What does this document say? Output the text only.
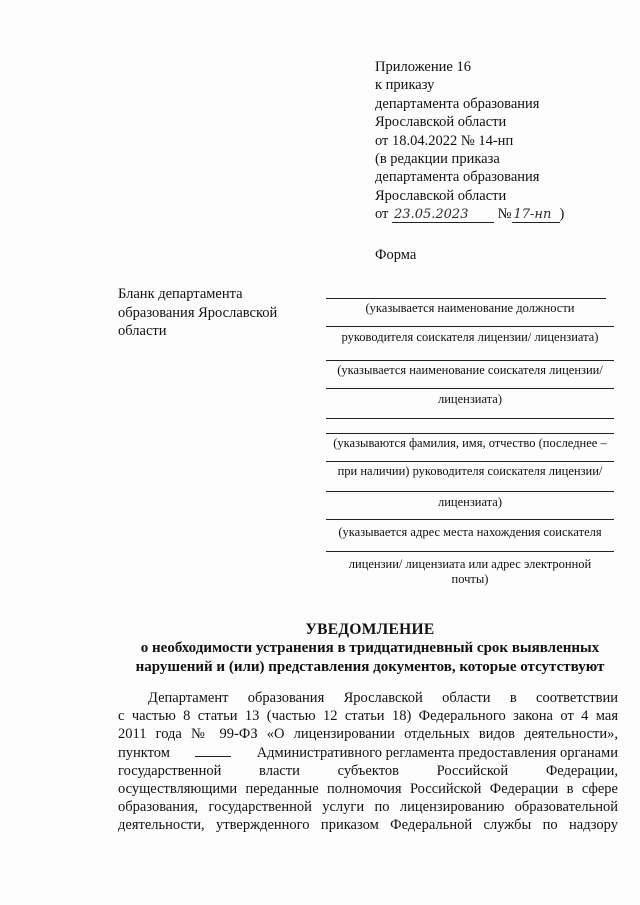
Приложение 16
к приказу
департамента образования
Ярославской области
от 18.04.2022 № 14-нп
(в редакции приказа
департамента образования
Ярославской области
от 23.05.2023 № 17-нп )
Форма
Бланк департамента
образования Ярославской
области
(указывается наименование должности
руководителя соискателя лицензии/ лицензиата)
(указывается наименование соискателя лицензии/
лицензиата)
(указываются фамилия, имя, отчество (последнее –
при наличии) руководителя соискателя лицензии/
лицензиата)
(указывается адрес места нахождения соискателя
лицензии/ лицензиата или адрес электронной
почты)
УВЕДОМЛЕНИЕ
о необходимости устранения в тридцатидневный срок выявленных
нарушений и (или) представления документов, которые отсутствуют
Департамент образования Ярославской области в соответствии
с частью 8 статьи 13 (частью 12 статьи 18) Федерального закона от 4 мая
2011 года № 99-ФЗ «О лицензировании отдельных видов деятельности»,
пунктом	Административного регламента предоставления органами
государственной	власти	субъектов	Российской	Федерации,
осуществляющими переданные полномочия Российской Федерации в сфере
образования, государственной услуги по лицензированию образовательной
деятельности, утвержденного приказом Федеральной службы по надзору
